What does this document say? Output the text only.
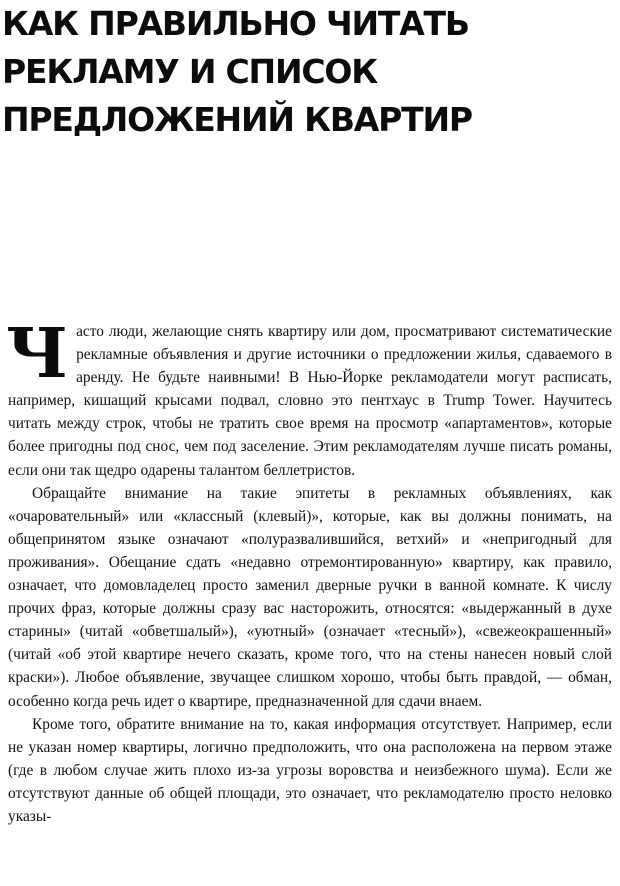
КАК ПРАВИЛЬНО ЧИТАТЬ
РЕКЛАМУ И СПИСОК
ПРЕДЛОЖЕНИЙ КВАРТИР

Часто люди, желающие снять квартиру или дом, просматривают систематические рекламные объявления и другие источники о предложении жилья, сдаваемого в аренду. Не будьте наивными! В Нью-Йорке рекламодатели могут расписать, например, кишащий крысами подвал, словно это пентхаус в Trump Tower. Научитесь читать между строк, чтобы не тратить свое время на просмотр «апартаментов», которые более пригодны под снос, чем под заселение. Этим рекламодателям лучше писать романы, если они так щедро одарены талантом беллетристов.

Обращайте внимание на такие эпитеты в рекламных объявлениях, как «очаровательный» или «классный (клевый)», которые, как вы должны понимать, на общепринятом языке означают «полуразвалившийся, ветхий» и «непригодный для проживания». Обещание сдать «недавно отремонтированную» квартиру, как правило, означает, что домовладелец просто заменил дверные ручки в ванной комнате. К числу прочих фраз, которые должны сразу вас насторожить, относятся: «выдержанный в духе старины» (читай «обветшалый»), «уютный» (означает «тесный»), «свежеокрашенный» (читай «об этой квартире нечего сказать, кроме того, что на стены нанесен новый слой краски»). Любое объявление, звучащее слишком хорошо, чтобы быть правдой, — обман, особенно когда речь идет о квартире, предназначенной для сдачи внаем.

Кроме того, обратите внимание на то, какая информация отсутствует. Например, если не указан номер квартиры, логично предположить, что она расположена на первом этаже (где в любом случае жить плохо из-за угрозы воровства и неизбежного шума). Если же отсутствуют данные об общей площади, это означает, что рекламодателю просто неловко указы-
